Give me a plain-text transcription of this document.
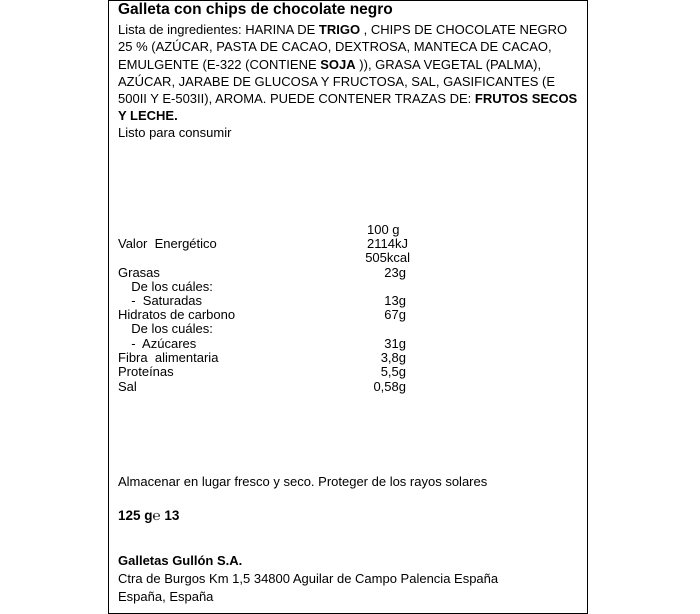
Galleta con chips de chocolate negro
Lista de ingredientes: HARINA DE TRIGO , CHIPS DE CHOCOLATE NEGRO 25 % (AZÚCAR, PASTA DE CACAO, DEXTROSA, MANTECA DE CACAO, EMULGENTE (E-322 (CONTIENE SOJA )), GRASA VEGETAL (PALMA), AZÚCAR, JARABE DE GLUCOSA Y FRUCTOSA, SAL, GASIFICANTES (E 500II Y E-503II), AROMA. PUEDE CONTENER TRAZAS DE: FRUTOS SECOS Y LECHE.
Listo para consumir
100 g
Valor  Energético	2114kJ
505kcal
Grasas	23g
De los cuáles:
-  Saturadas	13g
Hidratos de carbono	67g
De los cuáles:
-  Azúcares	31g
Fibra  alimentaria	3,8g
Proteínas	5,5g
Sal	0,58g
Almacenar en lugar fresco y seco. Proteger de los rayos solares
125 g℮ 13
Galletas Gullón S.A.
Ctra de Burgos Km 1,5 34800 Aguilar de Campo Palencia España
España, España
